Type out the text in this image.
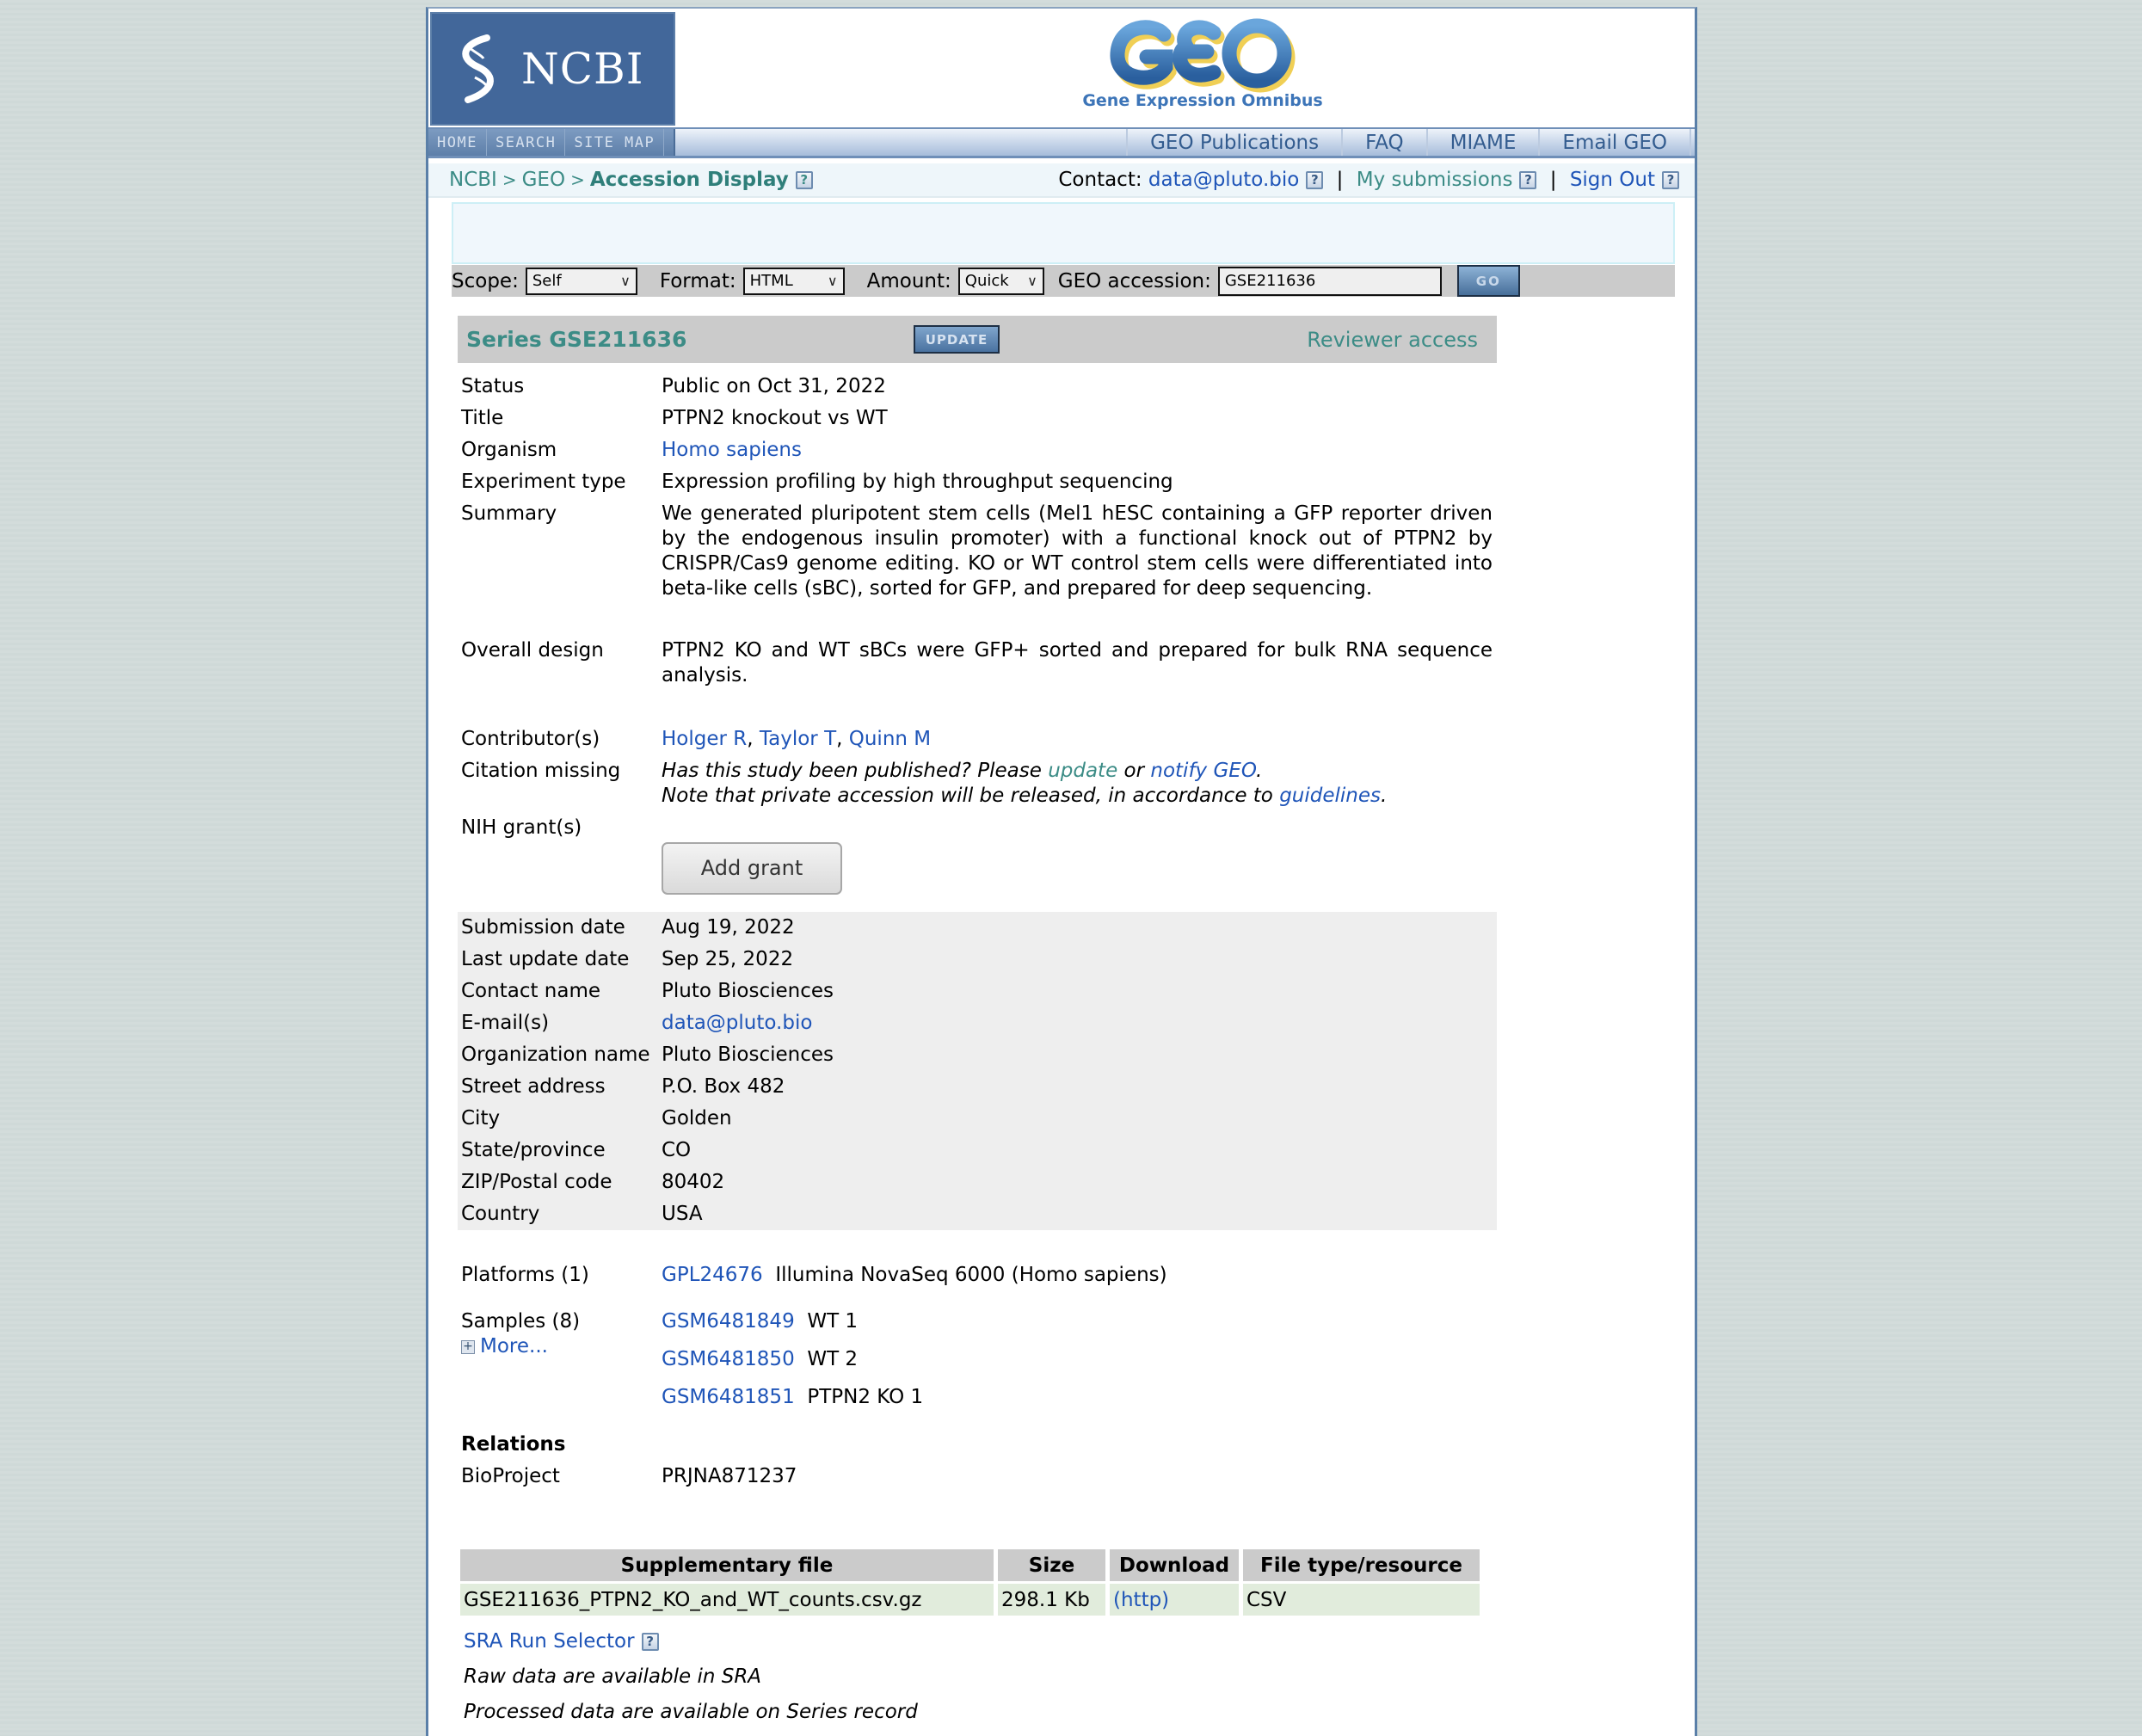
NCBI
Gene Expression Omnibus
HOME	SEARCH	SITE MAP	GEO Publications	FAQ	MIAME	Email GEO
NCBI > GEO > Accession Display ?	Contact: data@pluto.bio ? | My submissions ? | Sign Out ?
Scope: Self	∨ Format: HTML	∨ Amount: Quick ∨ GEO accession: GSE211636	GO
Series GSE211636	UPDATE	Reviewer access
Status	Public on Oct 31, 2022
Title	PTPN2 knockout vs WT
Organism	Homo sapiens
Experiment type	Expression profiling by high throughput sequencing
Summary	We generated pluripotent stem cells (Mel1 hESC containing a GFP reporter driven by the endogenous insulin promoter) with a functional knock out of PTPN2 by CRISPR/Cas9 genome editing. KO or WT control stem cells were differentiated into beta-like cells (sBC), sorted for GFP, and prepared for deep sequencing.
Overall design	PTPN2 KO and WT sBCs were GFP+ sorted and prepared for bulk RNA sequence analysis.
Contributor(s)	Holger R, Taylor T, Quinn M
Citation missing	Has this study been published? Please update or notify GEO.
Note that private accession will be released, in accordance to guidelines.
NIH grant(s)
Add grant
Submission date	Aug 19, 2022
Last update date	Sep 25, 2022
Contact name	Pluto Biosciences
E-mail(s)	data@pluto.bio
Organization name Pluto Biosciences
Street address	P.O. Box 482
City	Golden
State/province	CO
ZIP/Postal code	80402
Country	USA
Platforms (1)	GPL24676 Illumina NovaSeq 6000 (Homo sapiens)
Samples (8)
+ More...
GSM6481849 WT 1
GSM6481850 WT 2
GSM6481851 PTPN2 KO 1
Relations
BioProject	PRJNA871237
Supplementary file	Size	Download	File type/resource
GSE211636_PTPN2_KO_and_WT_counts.csv.gz	298.1 Kb	(http)	CSV
SRA Run Selector ?
Raw data are available in SRA
Processed data are available on Series record
